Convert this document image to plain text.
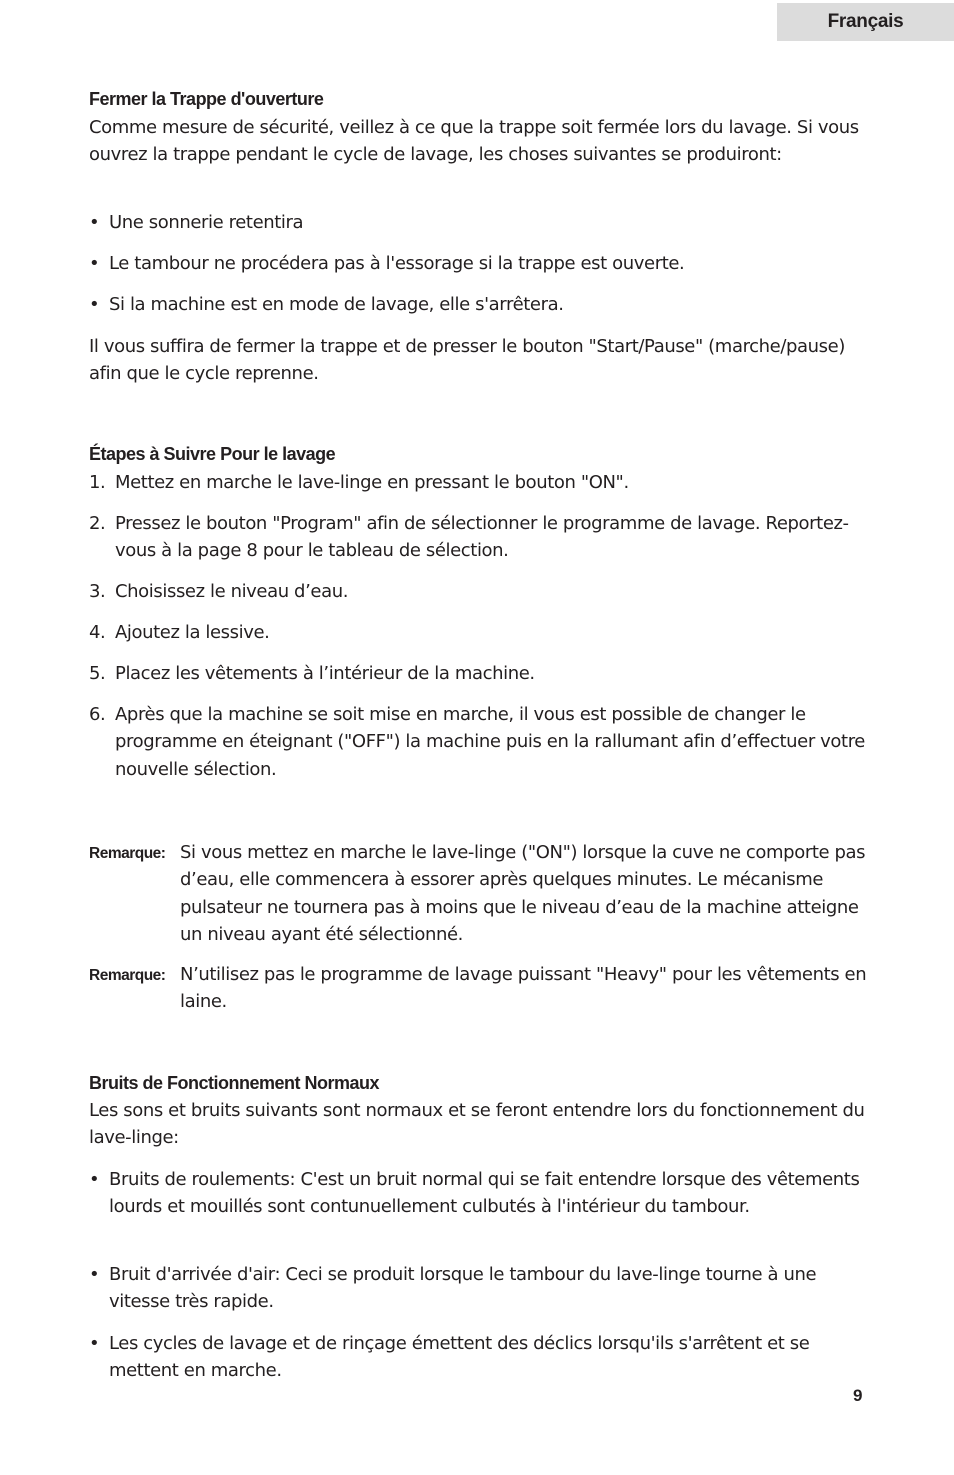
Français
Fermer la Trappe d'ouverture
Comme mesure de sécurité, veillez à ce que la trappe soit fermée lors du lavage. Si vous ouvrez la trappe pendant le cycle de lavage, les choses suivantes se produiront:
• Une sonnerie retentira
• Le tambour ne procédera pas à l'essorage si la trappe est ouverte.
• Si la machine est en mode de lavage, elle s'arrêtera.
Il vous suffira de fermer la trappe et de presser le bouton "Start/Pause" (marche/pause) afin que le cycle reprenne.
Étapes à Suivre Pour le lavage
1. Mettez en marche le lave-linge en pressant le bouton "ON".
2. Pressez le bouton "Program" afin de sélectionner le programme de lavage. Reportez-vous à la page 8 pour le tableau de sélection.
3. Choisissez le niveau d’eau.
4. Ajoutez la lessive.
5. Placez les vêtements à l’intérieur de la machine.
6. Après que la machine se soit mise en marche, il vous est possible de changer le programme en éteignant ("OFF") la machine puis en la rallumant afin d’effectuer votre nouvelle sélection.
Remarque: Si vous mettez en marche le lave-linge ("ON") lorsque la cuve ne comporte pas d’eau, elle commencera à essorer après quelques minutes. Le mécanisme pulsateur ne tournera pas à moins que le niveau d’eau de la machine atteigne un niveau ayant été sélectionné.
Remarque: N’utilisez pas le programme de lavage puissant "Heavy" pour les vêtements en laine.
Bruits de Fonctionnement Normaux
Les sons et bruits suivants sont normaux et se feront entendre lors du fonctionnement du lave-linge:
• Bruits de roulements: C'est un bruit normal qui se fait entendre lorsque des vêtements lourds et mouillés sont contunuellement culbutés à l'intérieur du tambour.
• Bruit d'arrivée d'air: Ceci se produit lorsque le tambour du lave-linge tourne à une vitesse très rapide.
• Les cycles de lavage et de rinçage émettent des déclics lorsqu'ils s'arrêtent et se mettent en marche.
9
